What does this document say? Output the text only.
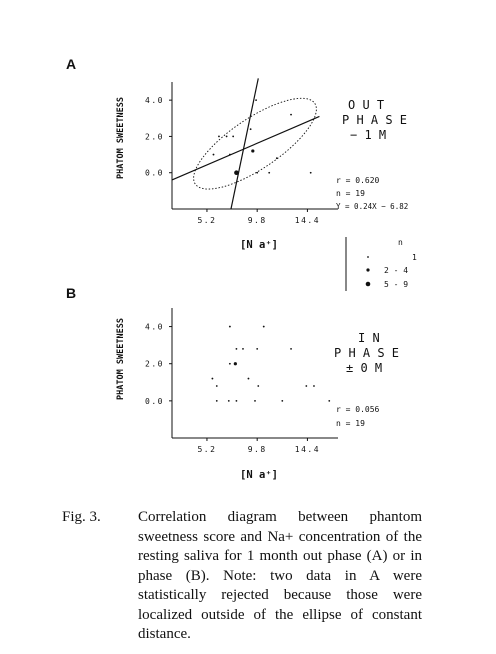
A
4.0
2.0
0.0
5.2	9.8	14.4
PHATOM SWEETNESS	O U T
P H A S E
− 1 M
r = 0.620
n = 19
Y = 0.24X − 6.82
[N a⁺]	n
1
2 - 4
5 - 9
B
4.0
2.0
0.0
5.2	9.8	14.4
PHATOM SWEETNESS	I N
P H A S E
± 0 M
r = 0.056
n = 19
[N a⁺]
Fig. 3. Correlation diagram between phantom sweetness score and Na+ concentration of the resting saliva for 1 month out phase (A) or in phase (B). Note: two data in A were statistically rejected because those were localized outside of the ellipse of constant distance.
